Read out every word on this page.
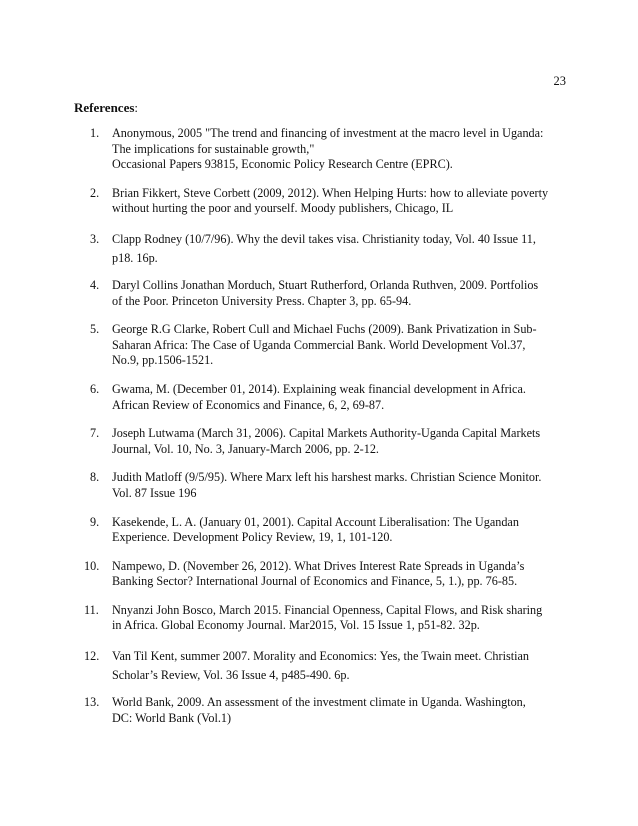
23
References:
1.	Anonymous, 2005 "The trend and financing of investment at the macro level in Uganda:
The implications for sustainable growth,"
Occasional Papers 93815, Economic Policy Research Centre (EPRC).
2.	Brian Fikkert, Steve Corbett (2009, 2012). When Helping Hurts: how to alleviate poverty
without hurting the poor and yourself. Moody publishers, Chicago, IL
3.	Clapp Rodney (10/7/96). Why the devil takes visa. Christianity today, Vol. 40 Issue 11,
p18. 16p.
4.	Daryl Collins Jonathan Morduch, Stuart Rutherford, Orlanda Ruthven, 2009. Portfolios
of the Poor. Princeton University Press. Chapter 3, pp. 65-94.
5.	George R.G Clarke, Robert Cull and Michael Fuchs (2009). Bank Privatization in Sub-
Saharan Africa: The Case of Uganda Commercial Bank. World Development Vol.37,
No.9, pp.1506-1521.
6.	Gwama, M. (December 01, 2014). Explaining weak financial development in Africa.
African Review of Economics and Finance, 6, 2, 69-87.
7.	Joseph Lutwama (March 31, 2006). Capital Markets Authority-Uganda Capital Markets
Journal, Vol. 10, No. 3, January-March 2006, pp. 2-12.
8.	Judith Matloff (9/5/95). Where Marx left his harshest marks. Christian Science Monitor.
Vol. 87 Issue 196
9.	Kasekende, L. A. (January 01, 2001). Capital Account Liberalisation: The Ugandan
Experience. Development Policy Review, 19, 1, 101-120.
10.	Nampewo, D. (November 26, 2012). What Drives Interest Rate Spreads in Uganda’s
Banking Sector? International Journal of Economics and Finance, 5, 1.), pp. 76-85.
11.	Nnyanzi John Bosco, March 2015. Financial Openness, Capital Flows, and Risk sharing
in Africa. Global Economy Journal. Mar2015, Vol. 15 Issue 1, p51-82. 32p.
12.	Van Til Kent, summer 2007. Morality and Economics: Yes, the Twain meet. Christian
Scholar’s Review, Vol. 36 Issue 4, p485-490. 6p.
13.	World Bank, 2009. An assessment of the investment climate in Uganda. Washington,
DC: World Bank (Vol.1)
